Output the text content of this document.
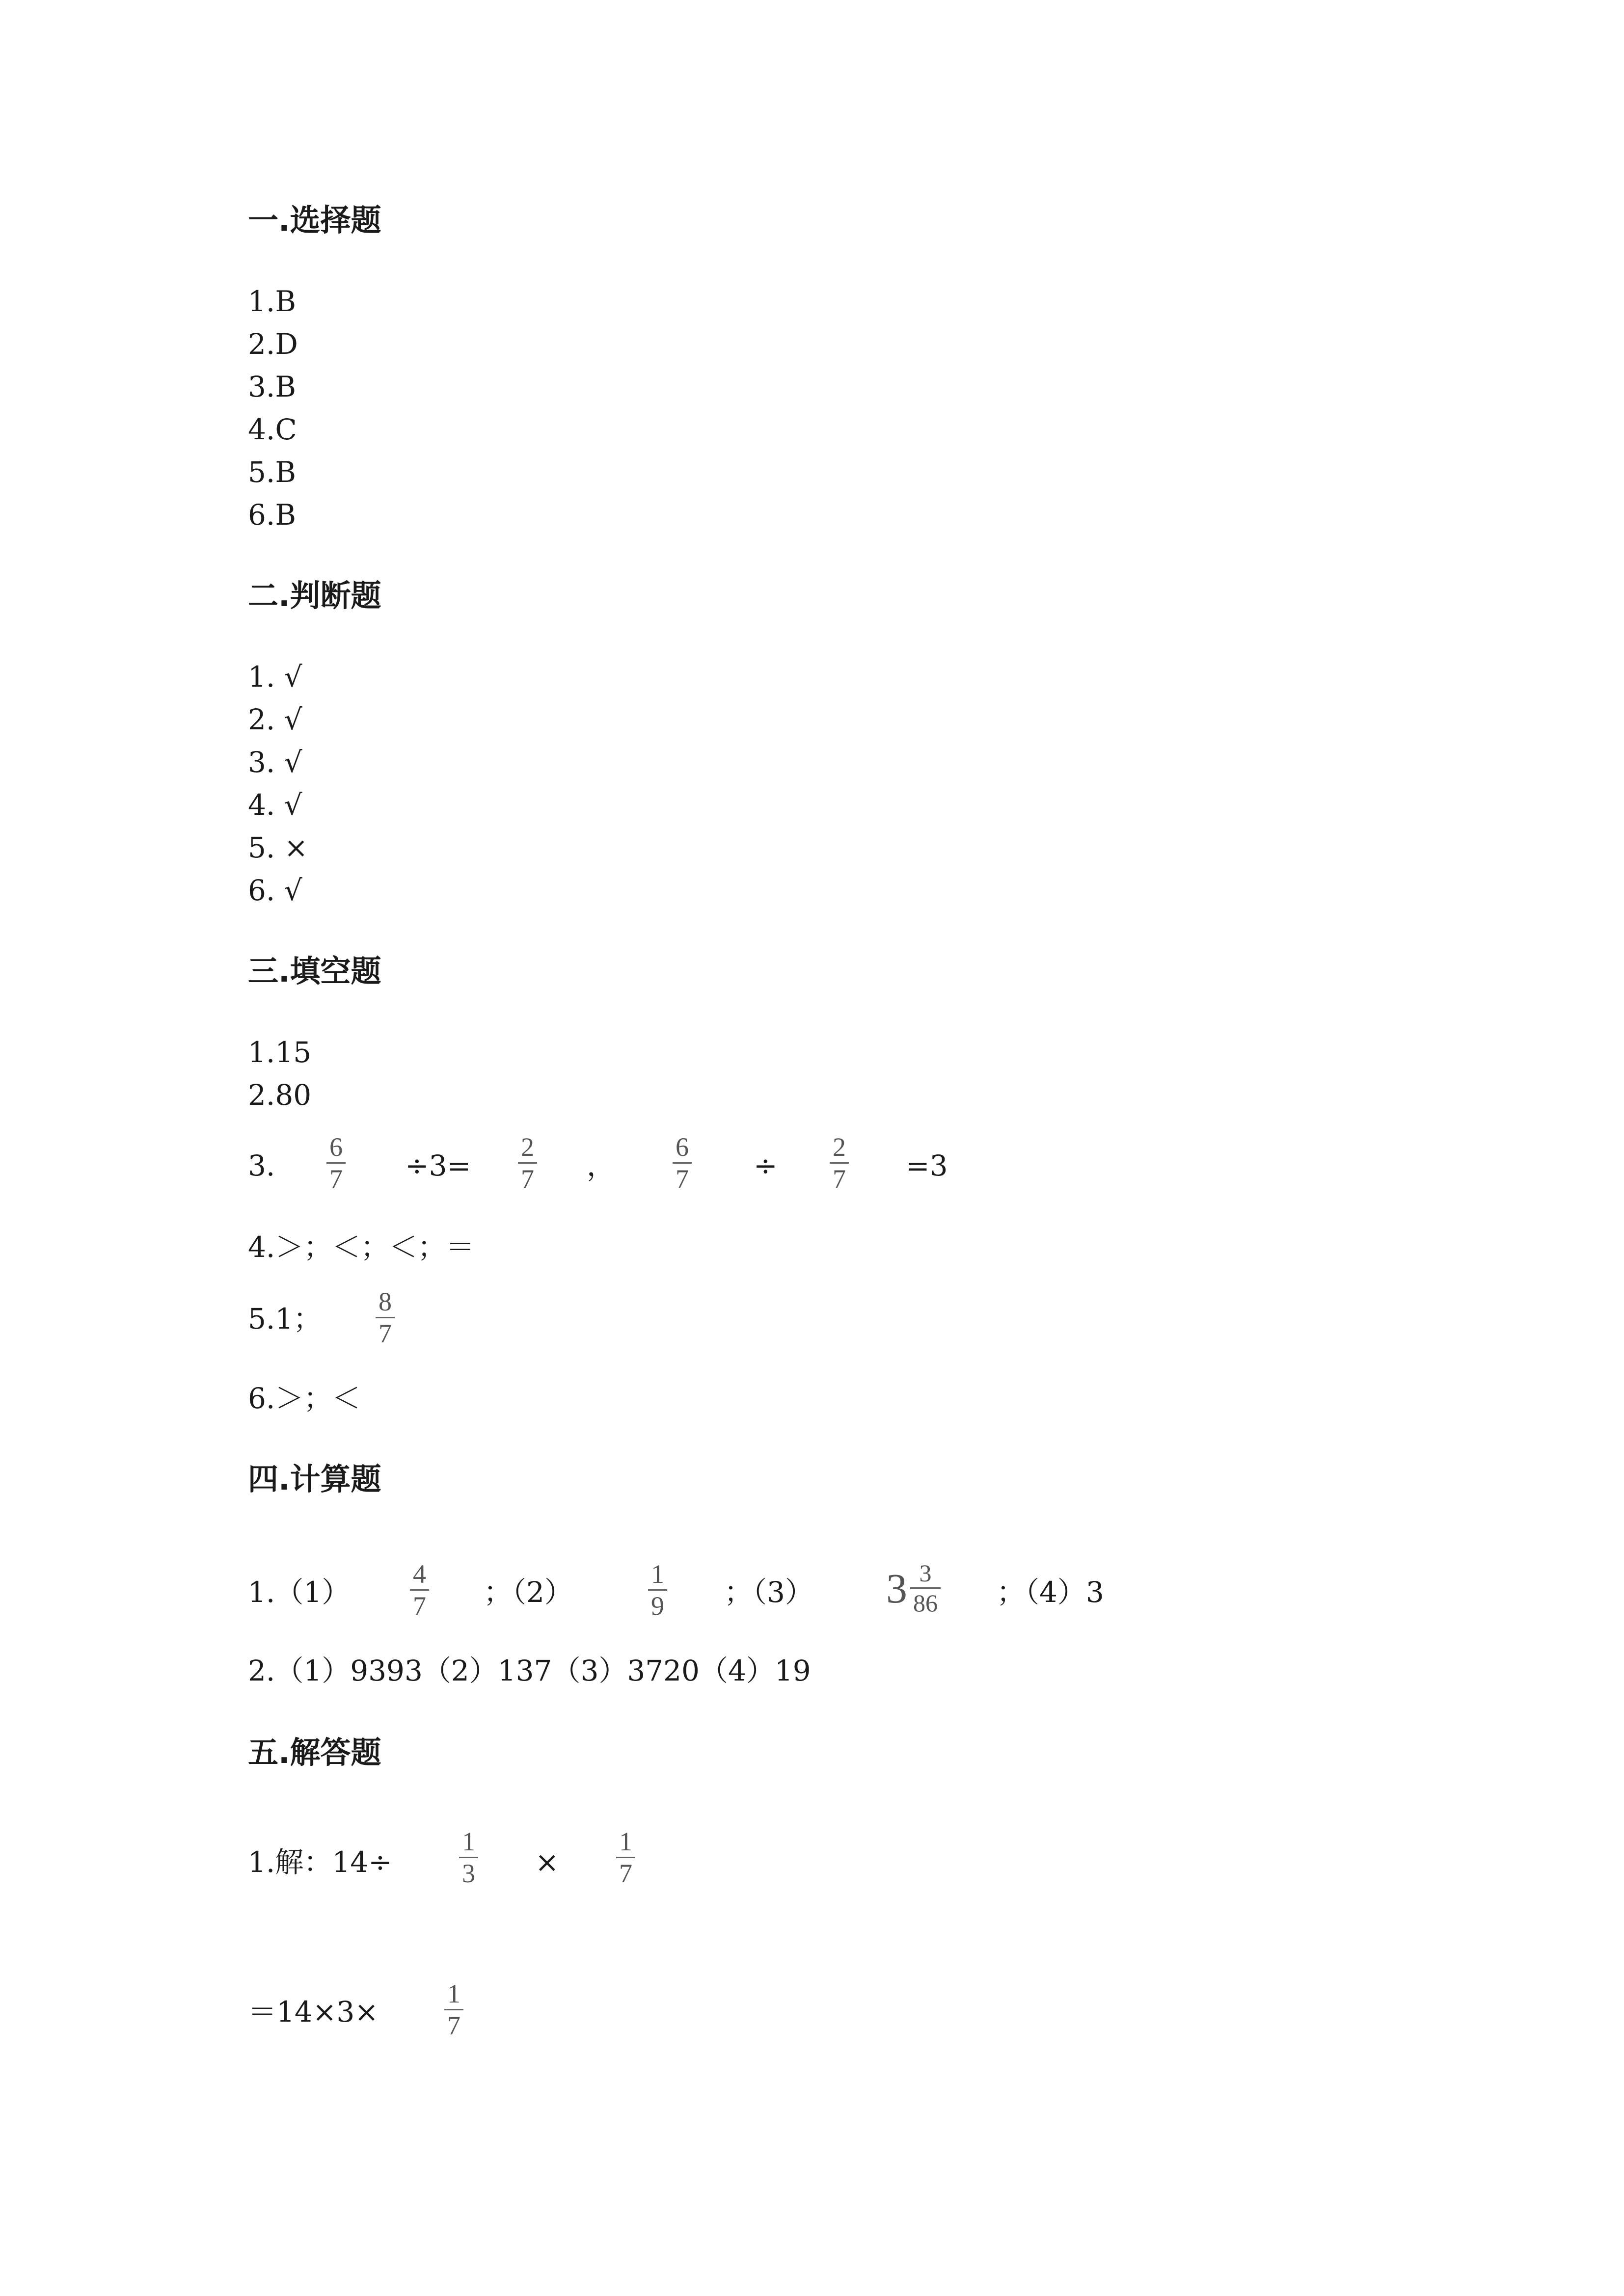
一.选择题
1.B
2.D
3.B
4.C
5.B
6.B
二.判断题
1. √
2. √
3. √
4. √
5. ×
6. √
三.填空题
1.15
2.80
3. $\frac{6}{7} \div 3= \frac{2}{7}$ ， $\frac{6}{7} \div \frac{2}{7} =3$
4.＞；＜；＜；＝
5.1； $\frac{8}{7}$
6.＞；＜
四.计算题
$1.(1) \frac{4}{7}$ ；（2）	$\frac{1}{9}$ ；（3） $3 \frac{3}{86}$ ；（4）3
2.（1）9393（2）137（3）3720（4）19
五.解答题
1.解：14÷	$\frac{1}{3} \times \frac{1}{7}$
$=14\times 3\times \frac{1}{7}$
